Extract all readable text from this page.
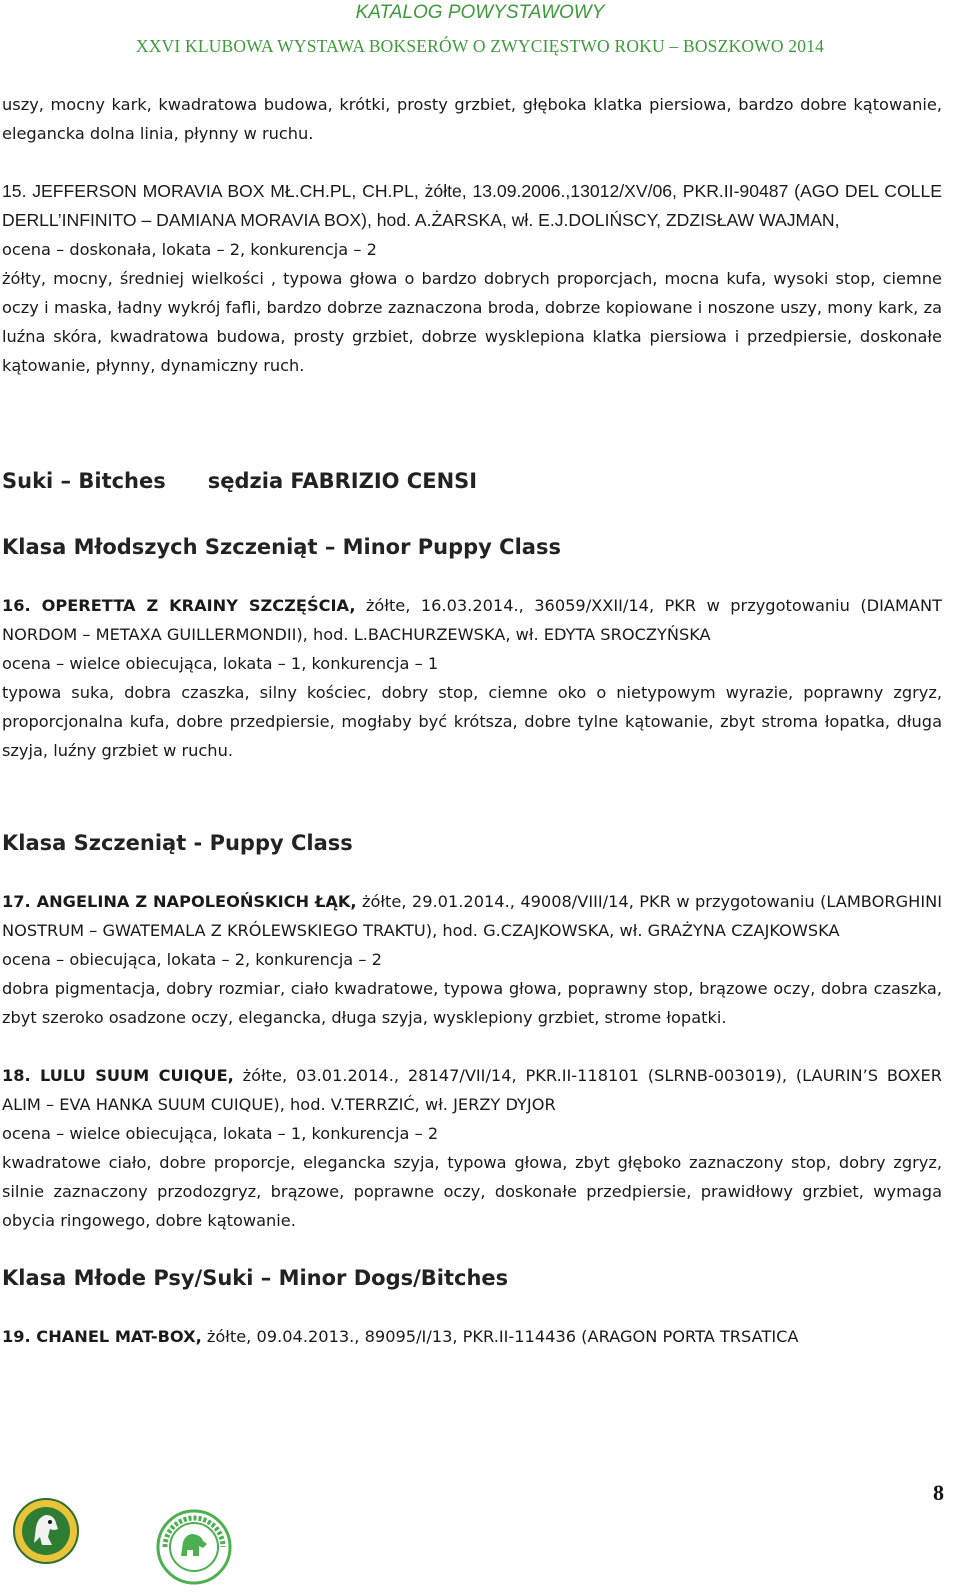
KATALOG POWYSTAWOWY
XXVI KLUBOWA WYSTAWA BOKSERÓW O ZWYCIĘSTWO ROKU – BOSZKOWO 2014

uszy, mocny kark, kwadratowa budowa, krótki, prosty grzbiet, głęboka klatka piersiowa, bardzo dobre kątowanie, elegancka dolna linia, płynny w ruchu.

15. JEFFERSON MORAVIA BOX MŁ.CH.PL, CH.PL, żółte, 13.09.2006.,13012/XV/06, PKR.II-90487 (AGO DEL COLLE DERLL’INFINITO – DAMIANA MORAVIA BOX), hod. A.ŻARSKA, wł. E.J.DOLIŃSCY, ZDZISŁAW WAJMAN,

ocena – doskonała, lokata – 2, konkurencja – 2

żółty, mocny, średniej wielkości , typowa głowa o bardzo dobrych proporcjach, mocna kufa, wysoki stop, ciemne oczy i maska, ładny wykrój fafli, bardzo dobrze zaznaczona broda, dobrze kopiowane i noszone uszy, mony kark, za luźna skóra, kwadratowa budowa, prosty grzbiet, dobrze wysklepiona klatka piersiowa i przedpiersie, doskonałe kątowanie, płynny, dynamiczny ruch.

Suki – Bitches sędzia FABRIZIO CENSI

Klasa Młodszych Szczeniąt – Minor Puppy Class

16. OPERETTA Z KRAINY SZCZĘŚCIA, żółte, 16.03.2014., 36059/XXII/14, PKR w przygotowaniu (DIAMANT NORDOM – METAXA GUILLERMONDII), hod. L.BACHURZEWSKA, wł. EDYTA SROCZYŃSKA

ocena – wielce obiecująca, lokata – 1, konkurencja – 1

typowa suka, dobra czaszka, silny kościec, dobry stop, ciemne oko o nietypowym wyrazie, poprawny zgryz, proporcjonalna kufa, dobre przedpiersie, mogłaby być krótsza, dobre tylne kątowanie, zbyt stroma łopatka, długa szyja, luźny grzbiet w ruchu.

Klasa Szczeniąt - Puppy Class

17. ANGELINA Z NAPOLEOŃSKICH ŁĄK, żółte, 29.01.2014., 49008/VIII/14, PKR w przygotowaniu (LAMBORGHINI NOSTRUM – GWATEMALA Z KRÓLEWSKIEGO TRAKTU), hod. G.CZAJKOWSKA, wł. GRAŻYNA CZAJKOWSKA

ocena – obiecująca, lokata – 2, konkurencja – 2

dobra pigmentacja, dobry rozmiar, ciało kwadratowe, typowa głowa, poprawny stop, brązowe oczy, dobra czaszka, zbyt szeroko osadzone oczy, elegancka, długa szyja, wysklepiony grzbiet, strome łopatki.

18. LULU SUUM CUIQUE, żółte, 03.01.2014., 28147/VII/14, PKR.II-118101 (SLRNB-003019), (LAURIN’S BOXER ALIM – EVA HANKA SUUM CUIQUE), hod. V.TERRZIĆ, wł. JERZY DYJOR

ocena – wielce obiecująca, lokata – 1, konkurencja – 2

kwadratowe ciało, dobre proporcje, elegancka szyja, typowa głowa, zbyt głęboko zaznaczony stop, dobry zgryz, silnie zaznaczony przodozgryz, brązowe, poprawne oczy, doskonałe przedpiersie, prawidłowy grzbiet, wymaga obycia ringowego, dobre kątowanie.

Klasa Młode Psy/Suki – Minor Dogs/Bitches

19. CHANEL MAT-BOX, żółte, 09.04.2013., 89095/I/13, PKR.II-114436 (ARAGON PORTA TRSATICA

8
